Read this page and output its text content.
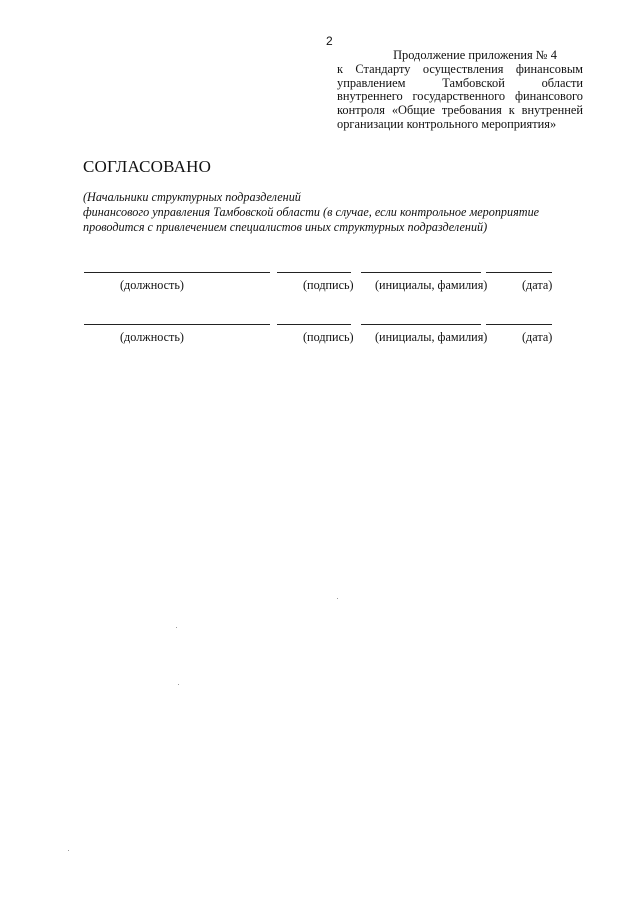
2
Продолжение приложения № 4
к Стандарту осуществления финансовым управлением Тамбовской области внутреннего государственного финансового контроля «Общие требования к внутренней организации контрольного мероприятия»
СОГЛАСОВАНО
(Начальники структурных подразделений
финансового управления Тамбовской области (в случае, если контрольное мероприятие
проводится с привлечением специалистов иных структурных подразделений)
(должность)	(подпись) (инициалы, фамилия)	(дата)
(должность)	(подпись) (инициалы, фамилия)	(дата)
